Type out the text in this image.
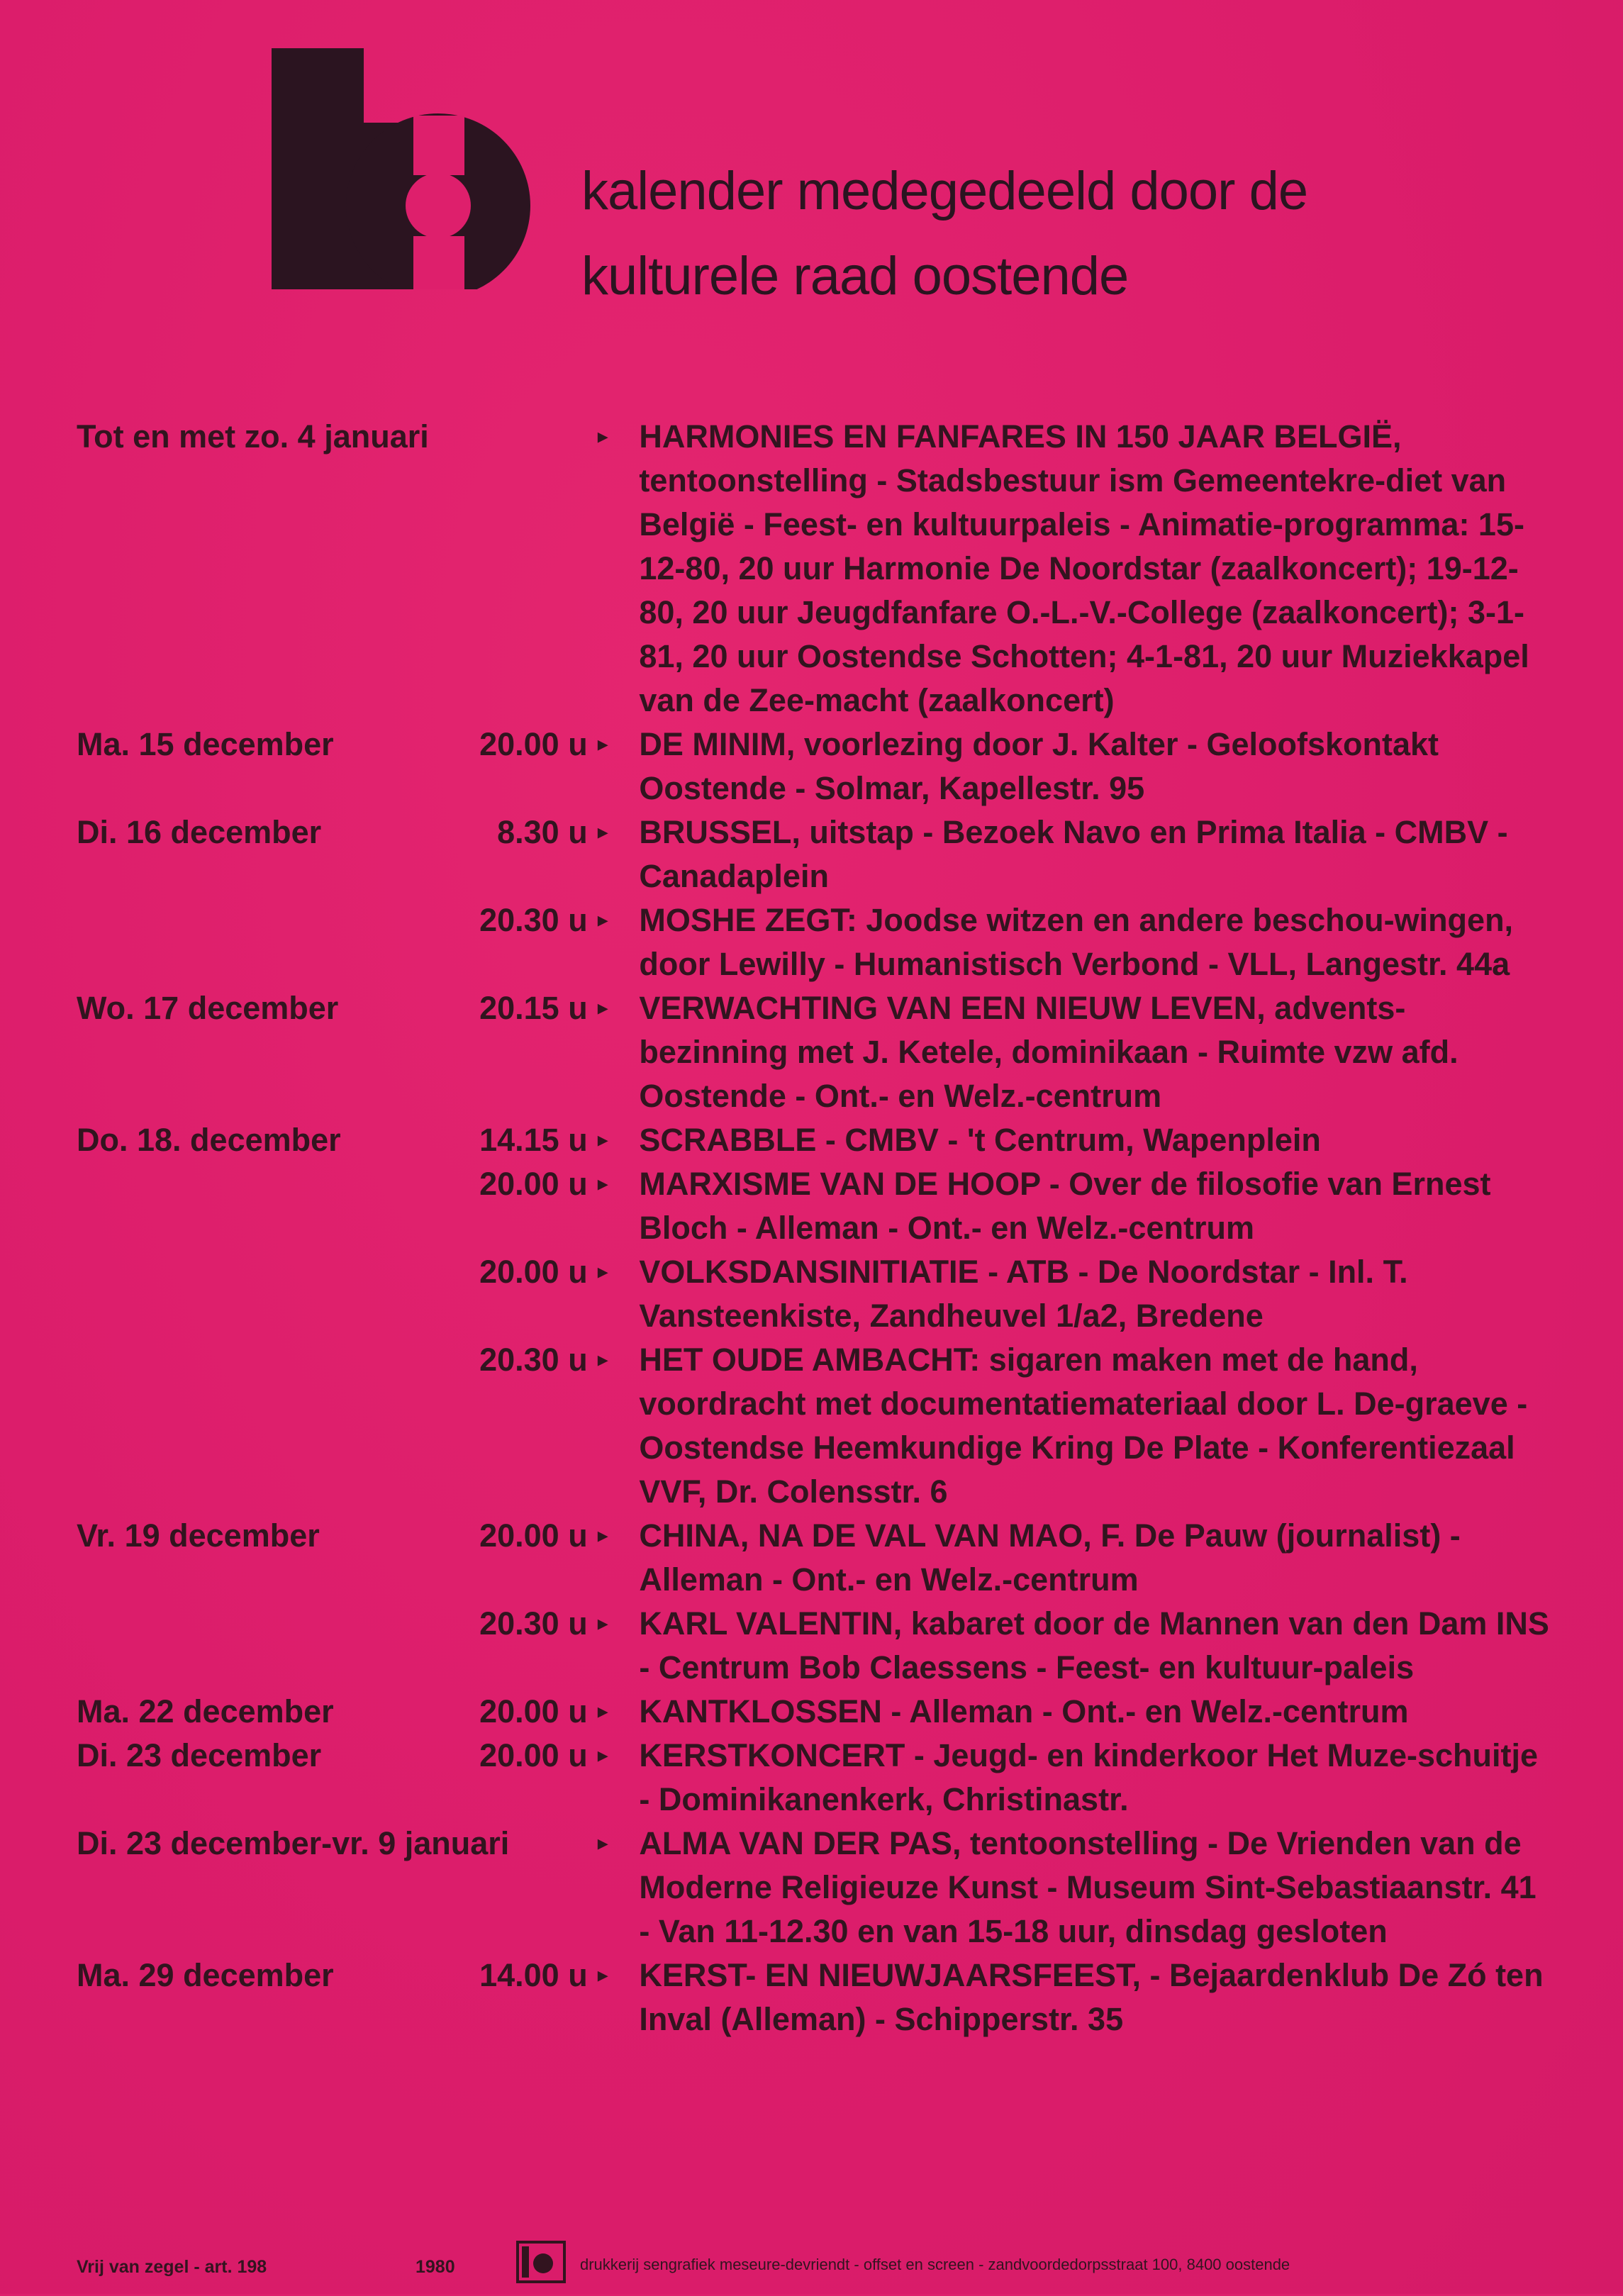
kalender medegedeeld door de
kulturele raad oostende
Tot en met zo. 4 januari	▸ HARMONIES EN FANFARES IN 150 JAAR BELGIË, tentoonstelling - Stadsbestuur ism Gemeentekre-diet van België - Feest- en kultuurpaleis - Animatie-programma: 15-12-80, 20 uur Harmonie De Noordstar (zaalkoncert); 19-12-80, 20 uur Jeugdfanfare O.-L.-V.-College (zaalkoncert); 3-1-81, 20 uur Oostendse Schotten; 4-1-81, 20 uur Muziekkapel van de Zee-macht (zaalkoncert)
Ma. 15 december	20.00 u ▸ DE MINIM, voorlezing door J. Kalter - Geloofskontakt Oostende - Solmar, Kapellestr. 95
Di. 16 december	8.30 u ▸ BRUSSEL, uitstap - Bezoek Navo en Prima Italia - CMBV - Canadaplein
20.30 u ▸ MOSHE ZEGT: Joodse witzen en andere beschou-wingen, door Lewilly - Humanistisch Verbond - VLL, Langestr. 44a
Wo. 17 december	20.15 u ▸ VERWACHTING VAN EEN NIEUW LEVEN, advents-bezinning met J. Ketele, dominikaan - Ruimte vzw afd. Oostende - Ont.- en Welz.-centrum
Do. 18. december	14.15 u ▸ SCRABBLE - CMBV - 't Centrum, Wapenplein
20.00 u ▸ MARXISME VAN DE HOOP - Over de filosofie van Ernest Bloch - Alleman - Ont.- en Welz.-centrum
20.00 u ▸ VOLKSDANSINITIATIE - ATB - De Noordstar - Inl. T. Vansteenkiste, Zandheuvel 1/a2, Bredene
20.30 u ▸ HET OUDE AMBACHT: sigaren maken met de hand, voordracht met documentatiemateriaal door L. De-graeve - Oostendse Heemkundige Kring De Plate - Konferentiezaal VVF, Dr. Colensstr. 6
Vr. 19 december	20.00 u ▸ CHINA, NA DE VAL VAN MAO, F. De Pauw (journalist) - Alleman - Ont.- en Welz.-centrum
20.30 u ▸ KARL VALENTIN, kabaret door de Mannen van den Dam INS - Centrum Bob Claessens - Feest- en kultuur-paleis
Ma. 22 december	20.00 u ▸ KANTKLOSSEN - Alleman - Ont.- en Welz.-centrum
Di. 23 december	20.00 u ▸ KERSTKONCERT - Jeugd- en kinderkoor Het Muze-schuitje - Dominikanenkerk, Christinastr.
Di. 23 december-vr. 9 januari	▸ ALMA VAN DER PAS, tentoonstelling - De Vrienden van de Moderne Religieuze Kunst - Museum Sint-Sebastiaanstr. 41 - Van 11-12.30 en van 15-18 uur, dinsdag gesloten
Ma. 29 december	14.00 u ▸ KERST- EN NIEUWJAARSFEEST, - Bejaardenklub De Zó ten Inval (Alleman) - Schipperstr. 35
Vrij van zegel - art. 198	1980	drukkerij sengrafiek meseure-devriendt - offset en screen - zandvoordedorpsstraat 100, 8400 oostende
